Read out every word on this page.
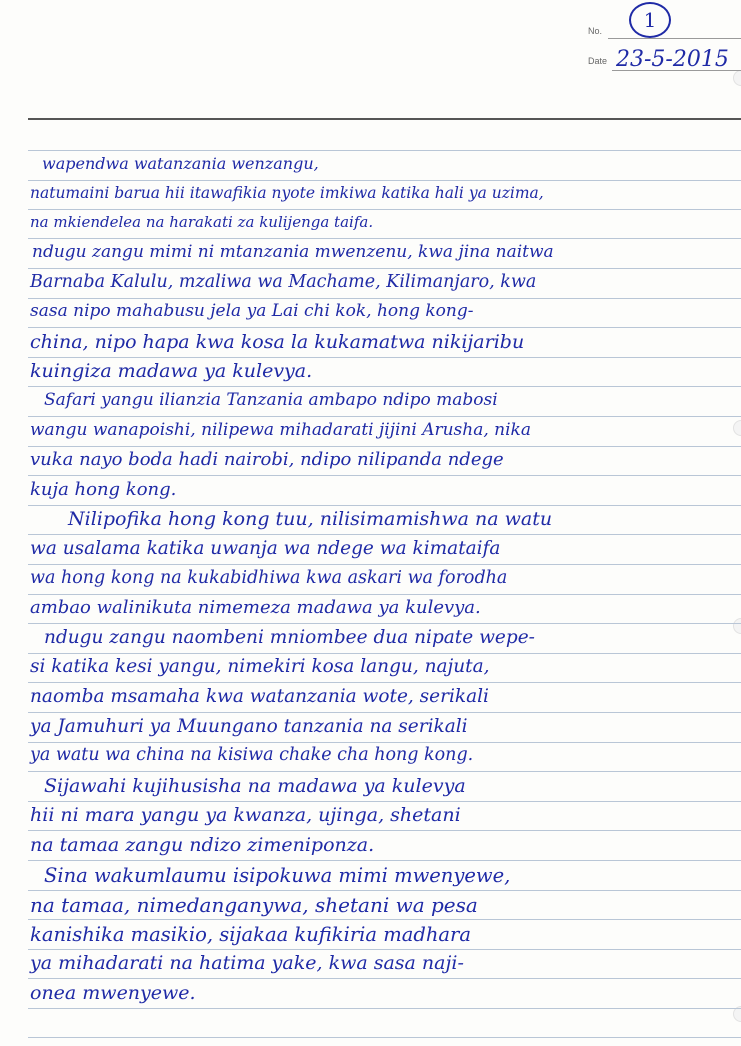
No.	1
Date 23-5-2015
wapendwa watanzania wenzangu,
natumaini barua hii itawafikia nyote imkiwa katika hali ya uzima,
na mkiendelea na harakati za kulijenga taifa.
ndugu zangu mimi ni mtanzania mwenzenu, kwa jina naitwa
Barnaba Kalulu, mzaliwa wa Machame, Kilimanjaro, kwa
sasa nipo mahabusu jela ya Lai chi kok, hong kong-
china, nipo hapa kwa kosa la kukamatwa nikijaribu
kuingiza madawa ya kulevya.
Safari yangu ilianzia Tanzania ambapo ndipo mabosi
wangu wanapoishi, nilipewa mihadarati jijini Arusha, nika
vuka nayo boda hadi nairobi, ndipo nilipanda ndege
kuja hong kong.
Nilipofika hong kong tuu, nilisimamishwa na watu
wa usalama katika uwanja wa ndege wa kimataifa
wa hong kong na kukabidhiwa kwa askari wa forodha
ambao walinikuta nimemeza madawa ya kulevya.
ndugu zangu naombeni mniombee dua nipate wepe-
si katika kesi yangu, nimekiri kosa langu, najuta,
naomba msamaha kwa watanzania wote, serikali
ya Jamuhuri ya Muungano tanzania na serikali
ya watu wa china na kisiwa chake cha hong kong.
Sijawahi kujihusisha na madawa ya kulevya
hii ni mara yangu ya kwanza, ujinga, shetani
na tamaa zangu ndizo zimeniponza.
Sina wakumlaumu isipokuwa mimi mwenyewe,
na tamaa, nimedanganywa, shetani wa pesa
kanishika masikio, sijakaa kufikiria madhara
ya mihadarati na hatima yake, kwa sasa naji-
onea mwenyewe.
